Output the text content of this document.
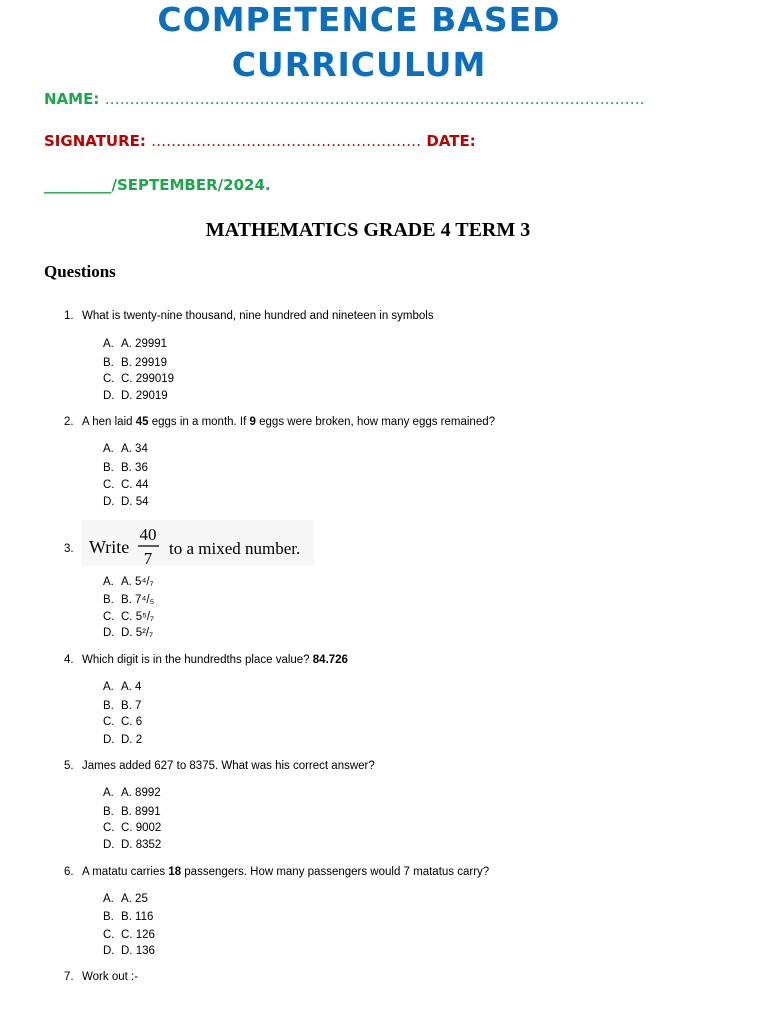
COMPETENCE BASED
CURRICULUM

NAME: ………………………………………………………………………………………………

SIGNATURE: ……………………………………………… DATE:

_________/SEPTEMBER/2024.

MATHEMATICS GRADE 4 TERM 3
Questions
1. What is twenty-nine thousand, nine hundred and nineteen in symbols
A. A. 29991
B. B. 29919
C. C. 299019
D. D. 29019
2. A hen laid 45 eggs in a month. If 9 eggs were broken, how many eggs remained?
A. A. 34
B. B. 36
C. C. 44
D. D. 54
3. Write
40
7
to a mixed number.
A. A. 5⁴/₇
B. B. 7⁴/₅
C. C. 5⁵/₇
D. D. 5²/₇
4. Which digit is in the hundredths place value? 84.726
A. A. 4
B. B. 7
C. C. 6
D. D. 2
5. James added 627 to 8375. What was his correct answer?
A. A. 8992
B. B. 8991
C. C. 9002
D. D. 8352
6. A matatu carries 18 passengers. How many passengers would 7 matatus carry?
A. A. 25
B. B. 116
C. C. 126
D. D. 136
7. Work out :-
